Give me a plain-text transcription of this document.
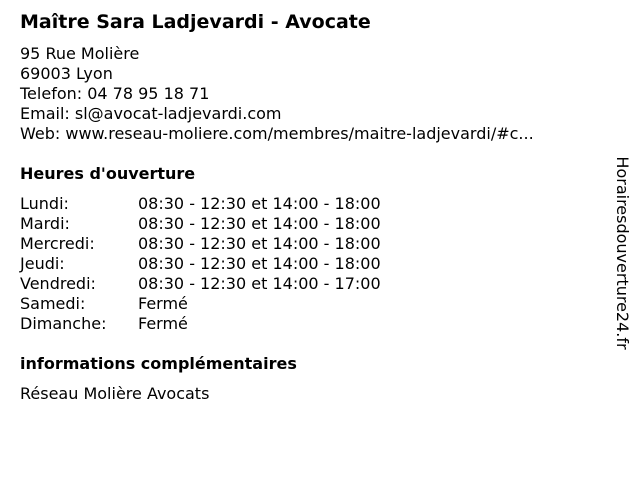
Maître Sara Ladjevardi - Avocate
95 Rue Molière
69003 Lyon
Telefon: 04 78 95 18 71
Email: sl@avocat-ladjevardi.com
Web: www.reseau-moliere.com/membres/maitre-ladjevardi/#c...
Heures d'ouverture
Lundi:	08:30 - 12:30 et 14:00 - 18:00
Mardi:	08:30 - 12:30 et 14:00 - 18:00
Mercredi:	08:30 - 12:30 et 14:00 - 18:00
Jeudi:	08:30 - 12:30 et 14:00 - 18:00
Vendredi:	08:30 - 12:30 et 14:00 - 17:00
Samedi:	Fermé
Dimanche: Fermé
informations complémentaires
Réseau Molière Avocats
Horairesdouverture24.fr
